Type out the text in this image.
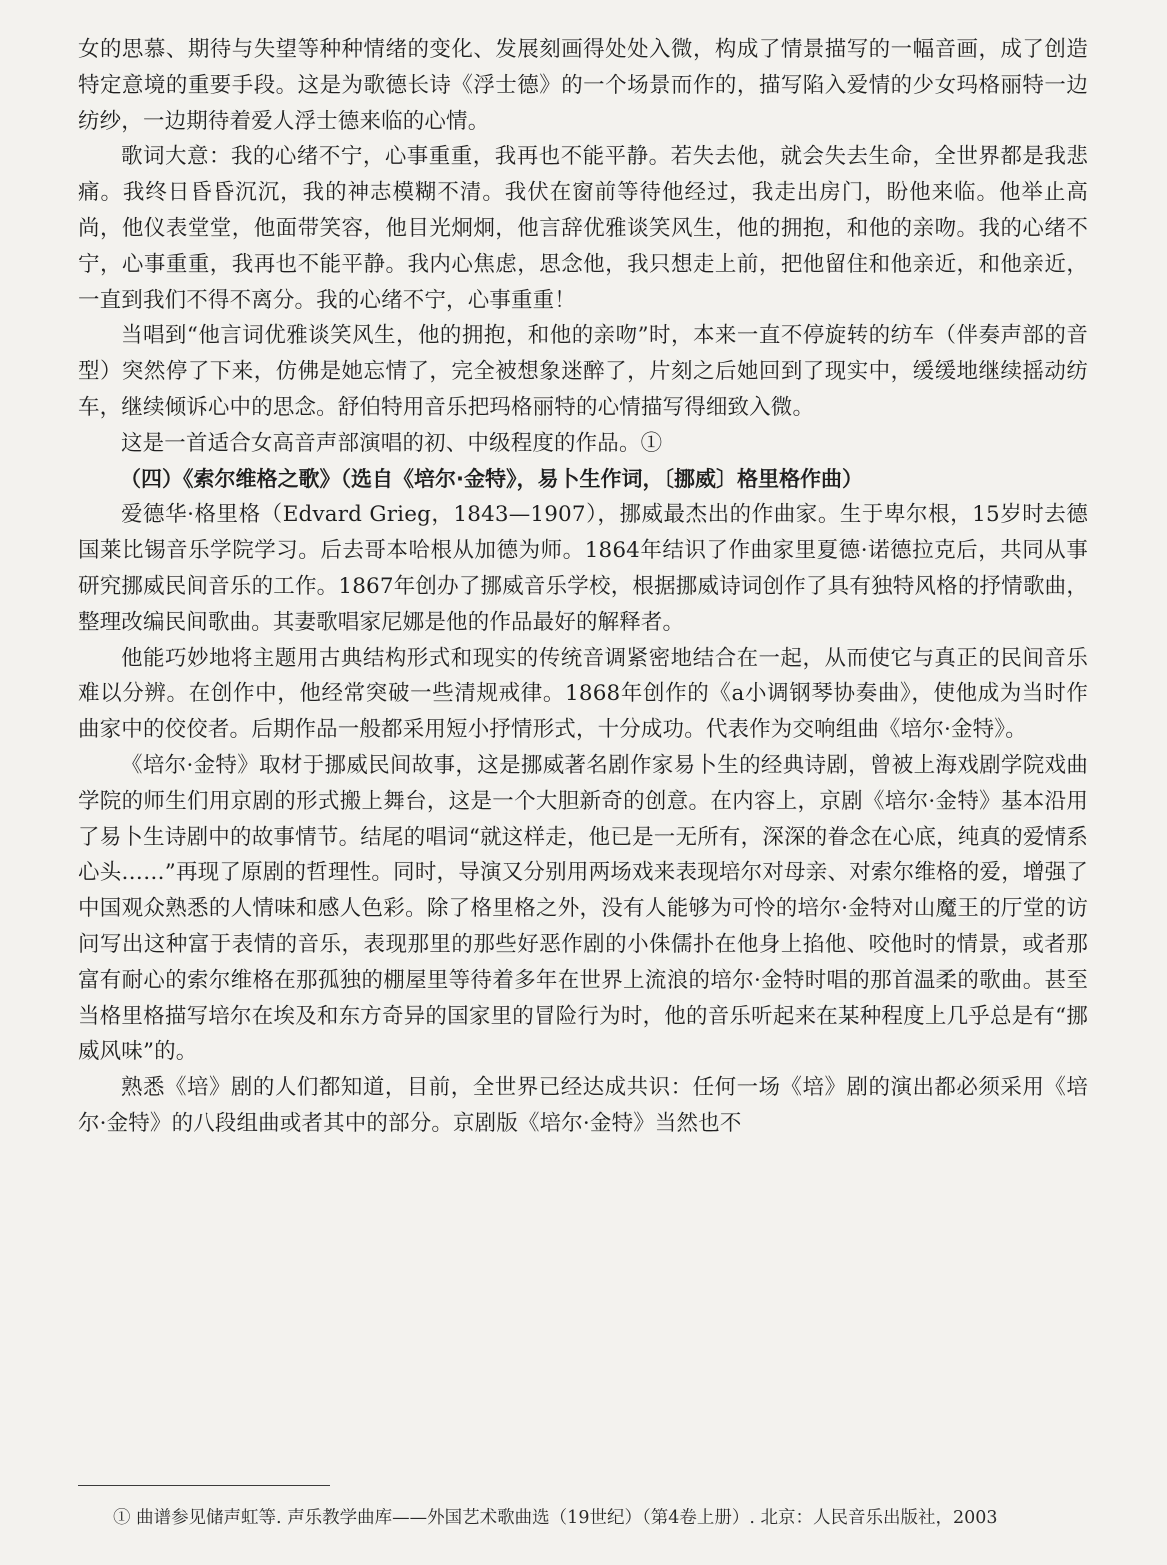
女的思慕、期待与失望等种种情绪的变化、发展刻画得处处入微，构成了情景描写的一幅音画，成了创造特定意境的重要手段。这是为歌德长诗《浮士德》的一个场景而作的，描写陷入爱情的少女玛格丽特一边纺纱，一边期待着爱人浮士德来临的心情。

歌词大意：我的心绪不宁，心事重重，我再也不能平静。若失去他，就会失去生命，全世界都是我悲痛。我终日昏昏沉沉，我的神志模糊不清。我伏在窗前等待他经过，我走出房门，盼他来临。他举止高尚，他仪表堂堂，他面带笑容，他目光炯炯，他言辞优雅谈笑风生，他的拥抱，和他的亲吻。我的心绪不宁，心事重重，我再也不能平静。我内心焦虑，思念他，我只想走上前，把他留住和他亲近，和他亲近，一直到我们不得不离分。我的心绪不宁，心事重重！

当唱到“他言词优雅谈笑风生，他的拥抱，和他的亲吻”时，本来一直不停旋转的纺车（伴奏声部的音型）突然停了下来，仿佛是她忘情了，完全被想象迷醉了，片刻之后她回到了现实中，缓缓地继续摇动纺车，继续倾诉心中的思念。舒伯特用音乐把玛格丽特的心情描写得细致入微。

这是一首适合女高音声部演唱的初、中级程度的作品。①

（四）《索尔维格之歌》（选自《培尔·金特》，易卜生作词，〔挪威〕格里格作曲）

爱德华·格里格（Edvard Grieg，1843—1907），挪威最杰出的作曲家。生于卑尔根，15岁时去德国莱比锡音乐学院学习。后去哥本哈根从加德为师。1864年结识了作曲家里夏德·诺德拉克后，共同从事研究挪威民间音乐的工作。1867年创办了挪威音乐学校，根据挪威诗词创作了具有独特风格的抒情歌曲，整理改编民间歌曲。其妻歌唱家尼娜是他的作品最好的解释者。

他能巧妙地将主题用古典结构形式和现实的传统音调紧密地结合在一起，从而使它与真正的民间音乐难以分辨。在创作中，他经常突破一些清规戒律。1868年创作的《a小调钢琴协奏曲》，使他成为当时作曲家中的佼佼者。后期作品一般都采用短小抒情形式，十分成功。代表作为交响组曲《培尔·金特》。

《培尔·金特》取材于挪威民间故事，这是挪威著名剧作家易卜生的经典诗剧，曾被上海戏剧学院戏曲学院的师生们用京剧的形式搬上舞台，这是一个大胆新奇的创意。在内容上，京剧《培尔·金特》基本沿用了易卜生诗剧中的故事情节。结尾的唱词“就这样走，他已是一无所有，深深的眷念在心底，纯真的爱情系心头……”再现了原剧的哲理性。同时，导演又分别用两场戏来表现培尔对母亲、对索尔维格的爱，增强了中国观众熟悉的人情味和感人色彩。除了格里格之外，没有人能够为可怜的培尔·金特对山魔王的厅堂的访问写出这种富于表情的音乐，表现那里的那些好恶作剧的小侏儒扑在他身上掐他、咬他时的情景，或者那富有耐心的索尔维格在那孤独的棚屋里等待着多年在世界上流浪的培尔·金特时唱的那首温柔的歌曲。甚至当格里格描写培尔在埃及和东方奇异的国家里的冒险行为时，他的音乐听起来在某种程度上几乎总是有“挪威风味”的。

熟悉《培》剧的人们都知道，目前，全世界已经达成共识：任何一场《培》剧的演出都必须采用《培尔·金特》的八段组曲或者其中的部分。京剧版《培尔·金特》当然也不

① 曲谱参见储声虹等. 声乐教学曲库——外国艺术歌曲选（19世纪）（第4卷上册）. 北京：人民音乐出版社，2003
